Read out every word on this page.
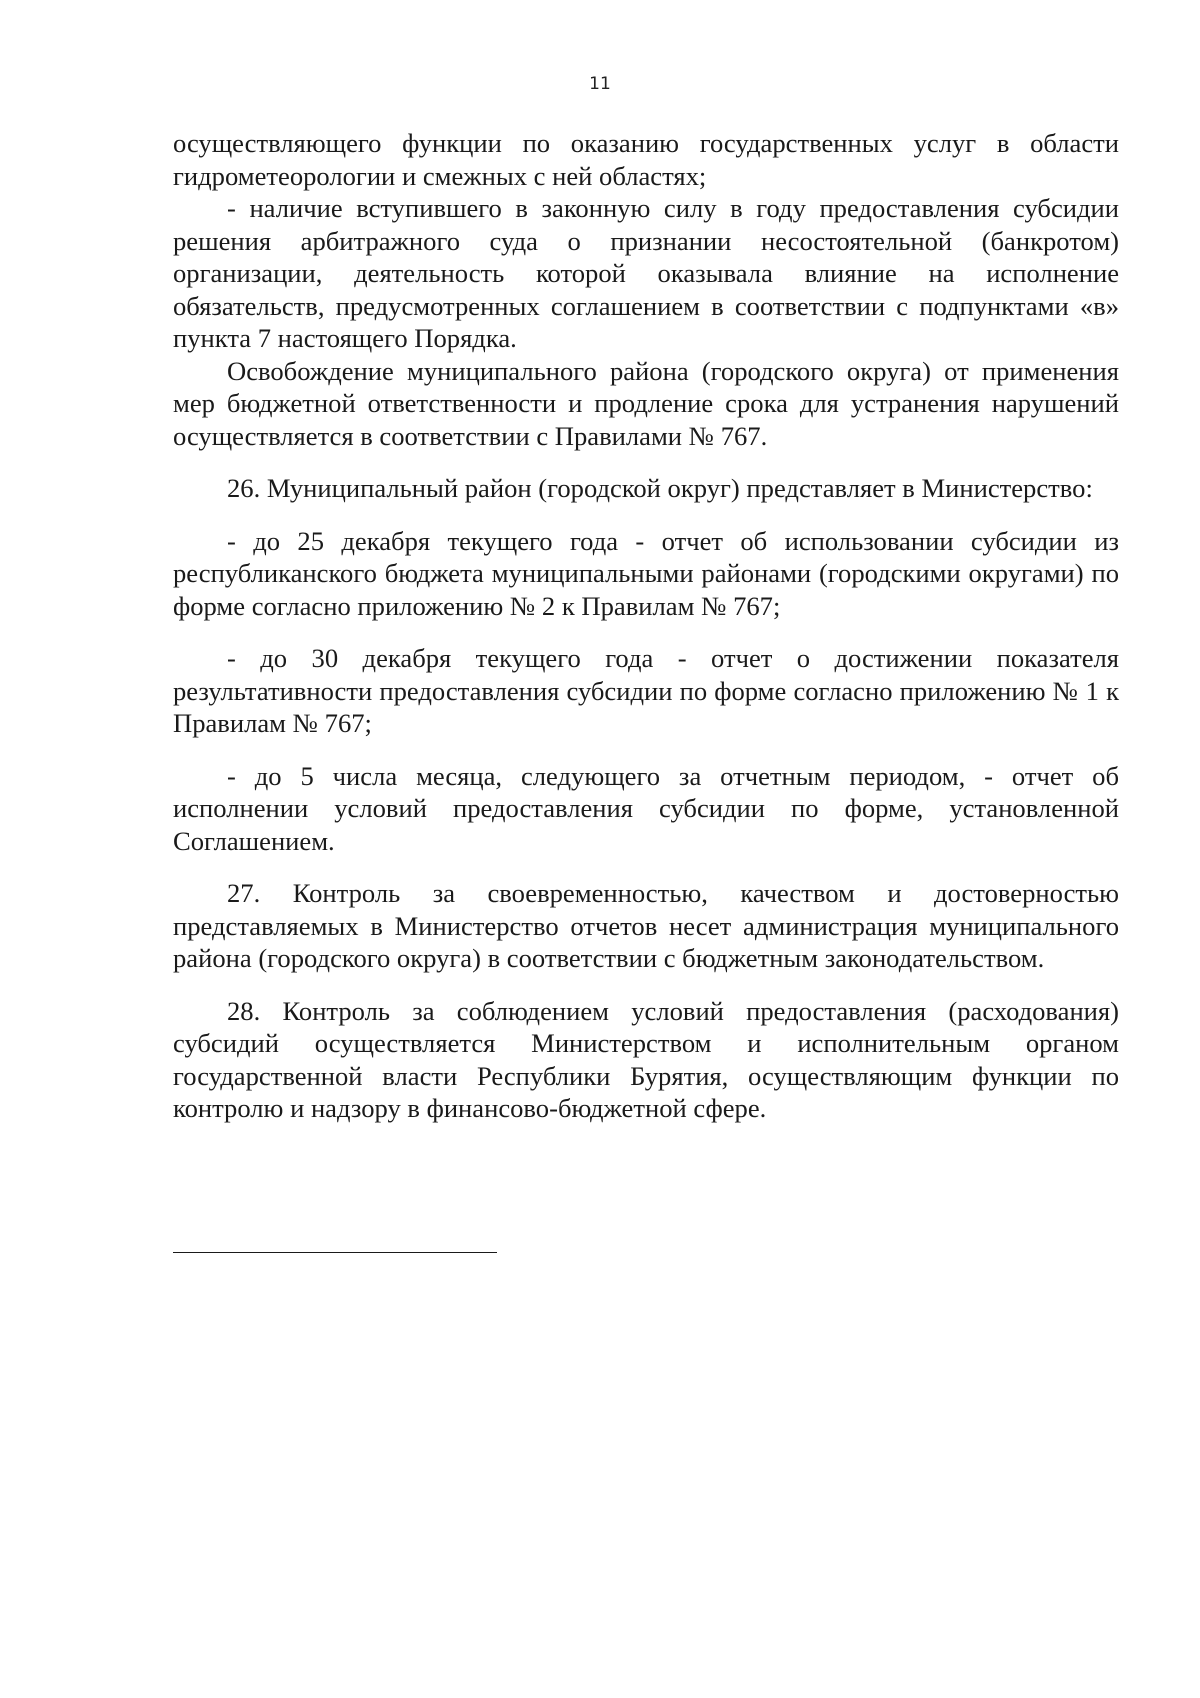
11

осуществляющего функции по оказанию государственных услуг в области гидрометеорологии и смежных с ней областях;

- наличие вступившего в законную силу в году предоставления субсидии решения арбитражного суда о признании несостоятельной (банкротом) организации, деятельность которой оказывала влияние на исполнение обязательств, предусмотренных соглашением в соответствии с подпунктами «в» пункта 7 настоящего Порядка.

Освобождение муниципального района (городского округа) от применения мер бюджетной ответственности и продление срока для устранения нарушений осуществляется в соответствии с Правилами № 767.

26. Муниципальный район (городской округ) представляет в Министерство:

- до 25 декабря текущего года - отчет об использовании субсидии из республиканского бюджета муниципальными районами (городскими округами) по форме согласно приложению № 2 к Правилам № 767;

- до 30 декабря текущего года - отчет о достижении показателя результативности предоставления субсидии по форме согласно приложению № 1 к Правилам № 767;

- до 5 числа месяца, следующего за отчетным периодом, - отчет об исполнении условий предоставления субсидии по форме, установленной Соглашением.

27. Контроль за своевременностью, качеством и достоверностью представляемых в Министерство отчетов несет администрация муниципального района (городского округа) в соответствии с бюджетным законодательством.

28. Контроль за соблюдением условий предоставления (расходования) субсидий осуществляется Министерством и исполнительным органом государственной власти Республики Бурятия, осуществляющим функции по контролю и надзору в финансово-бюджетной сфере.
